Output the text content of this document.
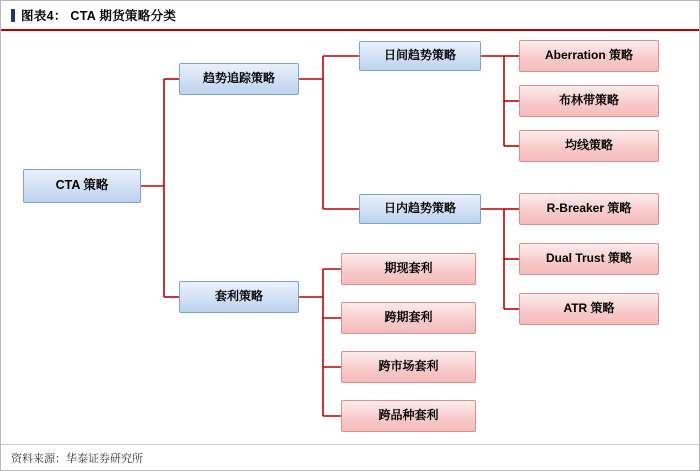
图表4： CTA 期货策略分类
CTA 策略
趋势追踪策略
套利策略
日间趋势策略
日内趋势策略
Aberration 策略
布林带策略
均线策略
R-Breaker 策略
Dual Trust 策略
ATR 策略
期现套利
跨期套利
跨市场套利
跨品种套利
资料来源：华泰证券研究所
